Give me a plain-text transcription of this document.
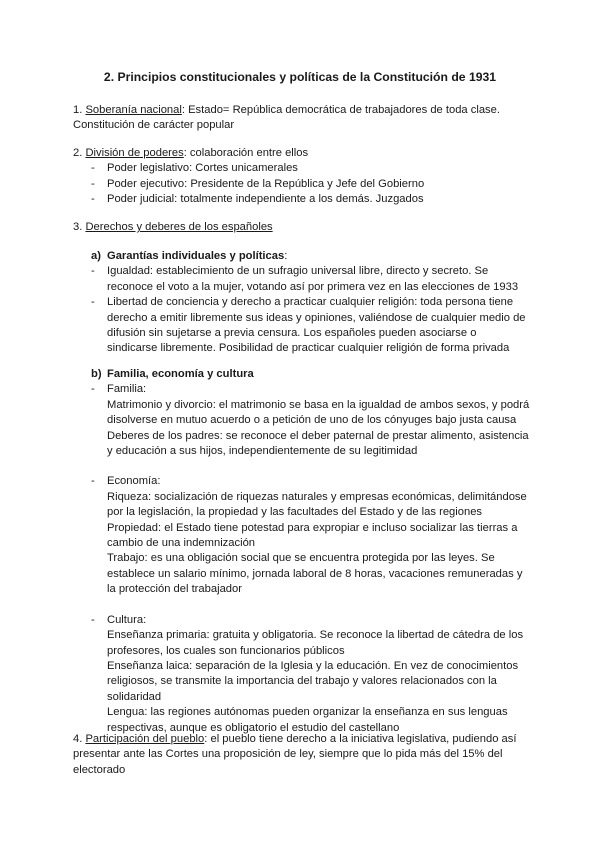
2. Principios constitucionales y políticas de la Constitución de 1931
1. Soberanía nacional: Estado= República democrática de trabajadores de toda clase.
Constitución de carácter popular
2. División de poderes: colaboración entre ellos
- Poder legislativo: Cortes unicamerales
- Poder ejecutivo: Presidente de la República y Jefe del Gobierno
- Poder judicial: totalmente independiente a los demás. Juzgados
3. Derechos y deberes de los españoles
a) Garantías individuales y políticas:
- Igualdad: establecimiento de un sufragio universal libre, directo y secreto. Se
reconoce el voto a la mujer, votando así por primera vez en las elecciones de 1933
- Libertad de conciencia y derecho a practicar cualquier religión: toda persona tiene
derecho a emitir libremente sus ideas y opiniones, valiéndose de cualquier medio de
difusión sin sujetarse a previa censura. Los españoles pueden asociarse o
sindicarse libremente. Posibilidad de practicar cualquier religión de forma privada
b) Familia, economía y cultura
- Familia:
Matrimonio y divorcio: el matrimonio se basa en la igualdad de ambos sexos, y podrá
disolverse en mutuo acuerdo o a petición de uno de los cónyuges bajo justa causa
Deberes de los padres: se reconoce el deber paternal de prestar alimento, asistencia
y educación a sus hijos, independientemente de su legitimidad
- Economía:
Riqueza: socialización de riquezas naturales y empresas económicas, delimitándose
por la legislación, la propiedad y las facultades del Estado y de las regiones
Propiedad: el Estado tiene potestad para expropiar e incluso socializar las tierras a
cambio de una indemnización
Trabajo: es una obligación social que se encuentra protegida por las leyes. Se
establece un salario mínimo, jornada laboral de 8 horas, vacaciones remuneradas y
la protección del trabajador
- Cultura:
Enseñanza primaria: gratuita y obligatoria. Se reconoce la libertad de cátedra de los
profesores, los cuales son funcionarios públicos
Enseñanza laica: separación de la Iglesia y la educación. En vez de conocimientos
religiosos, se transmite la importancia del trabajo y valores relacionados con la
solidaridad
Lengua: las regiones autónomas pueden organizar la enseñanza en sus lenguas
respectivas, aunque es obligatorio el estudio del castellano
4. Participación del pueblo: el pueblo tiene derecho a la iniciativa legislativa, pudiendo así
presentar ante las Cortes una proposición de ley, siempre que lo pida más del 15% del
electorado
